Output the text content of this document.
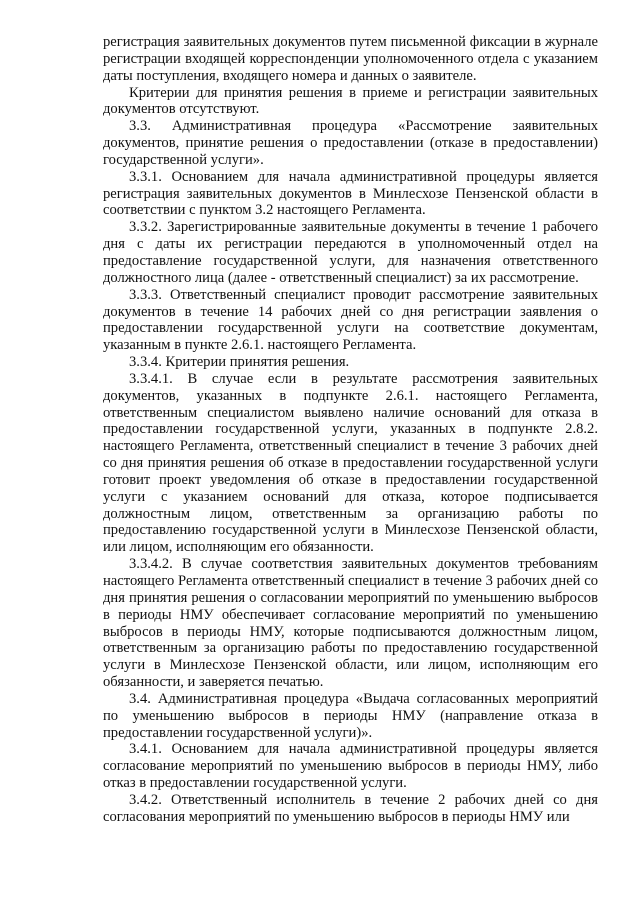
регистрация заявительных документов путем письменной фиксации в журнале регистрации входящей корреспонденции уполномоченного отдела с указанием даты поступления, входящего номера и данных о заявителе.

Критерии для принятия решения в приеме и регистрации заявительных документов отсутствуют.

3.3. Административная процедура «Рассмотрение заявительных документов, принятие решения о предоставлении (отказе в предоставлении) государственной услуги».

3.3.1. Основанием для начала административной процедуры является регистрация заявительных документов в Минлесхозе Пензенской области в соответствии с пунктом 3.2 настоящего Регламента.

3.3.2. Зарегистрированные заявительные документы в течение 1 рабочего дня с даты их регистрации передаются в уполномоченный отдел на предоставление государственной услуги, для назначения ответственного должностного лица (далее - ответственный специалист) за их рассмотрение.

3.3.3. Ответственный специалист проводит рассмотрение заявительных документов в течение 14 рабочих дней со дня регистрации заявления о предоставлении государственной услуги на соответствие документам, указанным в пункте 2.6.1. настоящего Регламента.

3.3.4. Критерии принятия решения.

3.3.4.1. В случае если в результате рассмотрения заявительных документов, указанных в подпункте 2.6.1. настоящего Регламента, ответственным специалистом выявлено наличие оснований для отказа в предоставлении государственной услуги, указанных в подпункте 2.8.2. настоящего Регламента, ответственный специалист в течение 3 рабочих дней со дня принятия решения об отказе в предоставлении государственной услуги готовит проект уведомления об отказе в предоставлении государственной услуги с указанием оснований для отказа, которое подписывается должностным лицом, ответственным за организацию работы по предоставлению государственной услуги в Минлесхозе Пензенской области, или лицом, исполняющим его обязанности.

3.3.4.2. В случае соответствия заявительных документов требованиям настоящего Регламента ответственный специалист в течение 3 рабочих дней со дня принятия решения о согласовании мероприятий по уменьшению выбросов в периоды НМУ обеспечивает согласование мероприятий по уменьшению выбросов в периоды НМУ, которые подписываются должностным лицом, ответственным за организацию работы по предоставлению государственной услуги в Минлесхозе Пензенской области, или лицом, исполняющим его обязанности, и заверяется печатью.

3.4. Административная процедура «Выдача согласованных мероприятий по уменьшению выбросов в периоды НМУ (направление отказа в предоставлении государственной услуги)».

3.4.1. Основанием для начала административной процедуры является согласование мероприятий по уменьшению выбросов в периоды НМУ, либо отказ в предоставлении государственной услуги.

3.4.2. Ответственный исполнитель в течение 2 рабочих дней со дня согласования мероприятий по уменьшению выбросов в периоды НМУ или
